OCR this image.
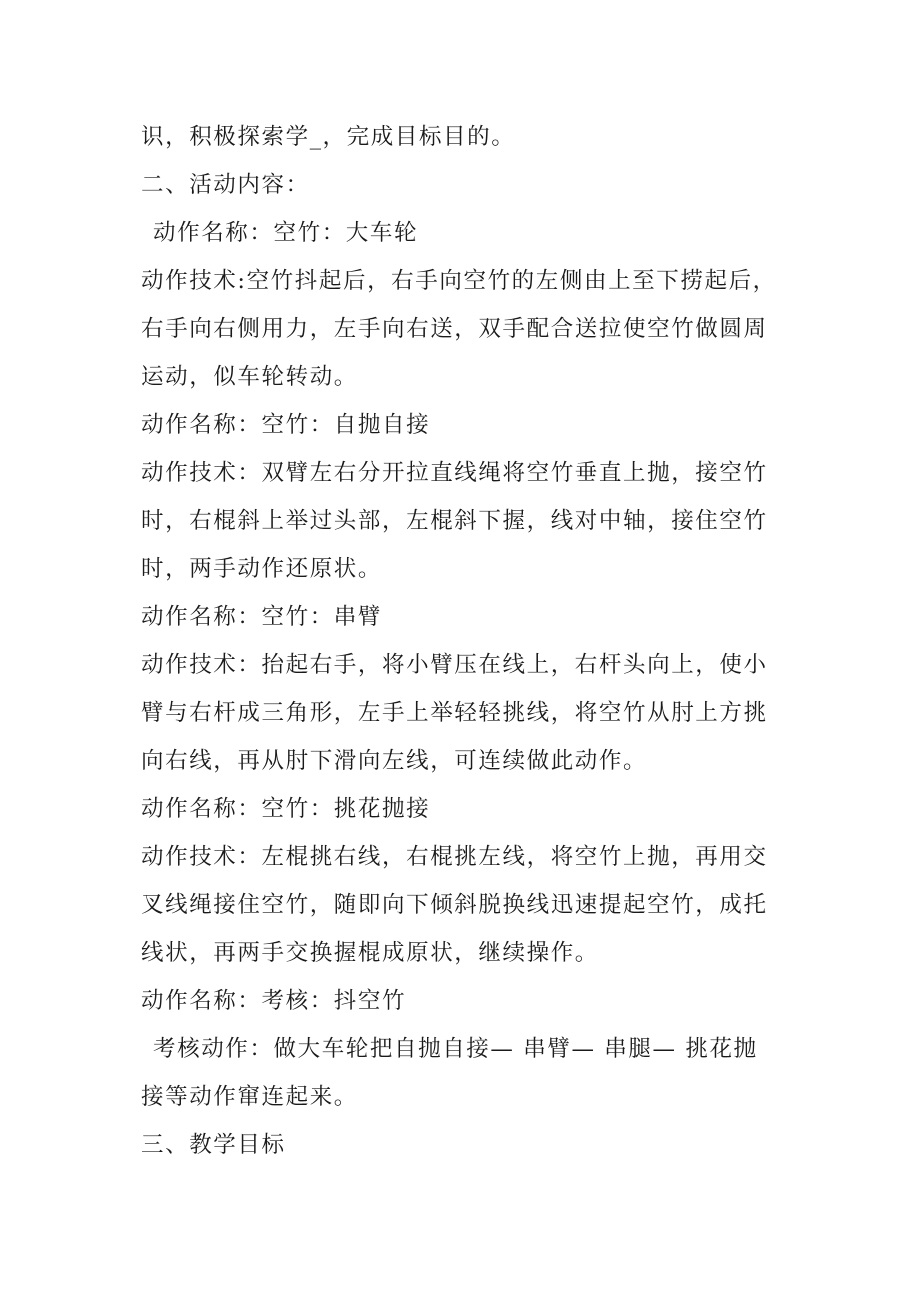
识，积极探索学_，完成目标目的。
二、活动内容：
动作名称：空竹：大车轮
动作技术:空竹抖起后，右手向空竹的左侧由上至下捞起后，
右手向右侧用力，左手向右送，双手配合送拉使空竹做圆周
运动，似车轮转动。
动作名称：空竹：自抛自接
动作技术：双臂左右分开拉直线绳将空竹垂直上抛，接空竹
时，右棍斜上举过头部，左棍斜下握，线对中轴，接住空竹
时，两手动作还原状。
动作名称：空竹：串臂
动作技术：抬起右手，将小臂压在线上，右杆头向上，使小
臂与右杆成三角形，左手上举轻轻挑线，将空竹从肘上方挑
向右线，再从肘下滑向左线，可连续做此动作。
动作名称：空竹：挑花抛接
动作技术：左棍挑右线，右棍挑左线，将空竹上抛，再用交
叉线绳接住空竹，随即向下倾斜脱换线迅速提起空竹，成托
线状，再两手交换握棍成原状，继续操作。
动作名称：考核：抖空竹
考核动作：做大车轮把自抛自接— 串臂— 串腿— 挑花抛
接等动作窜连起来。
三、教学目标
